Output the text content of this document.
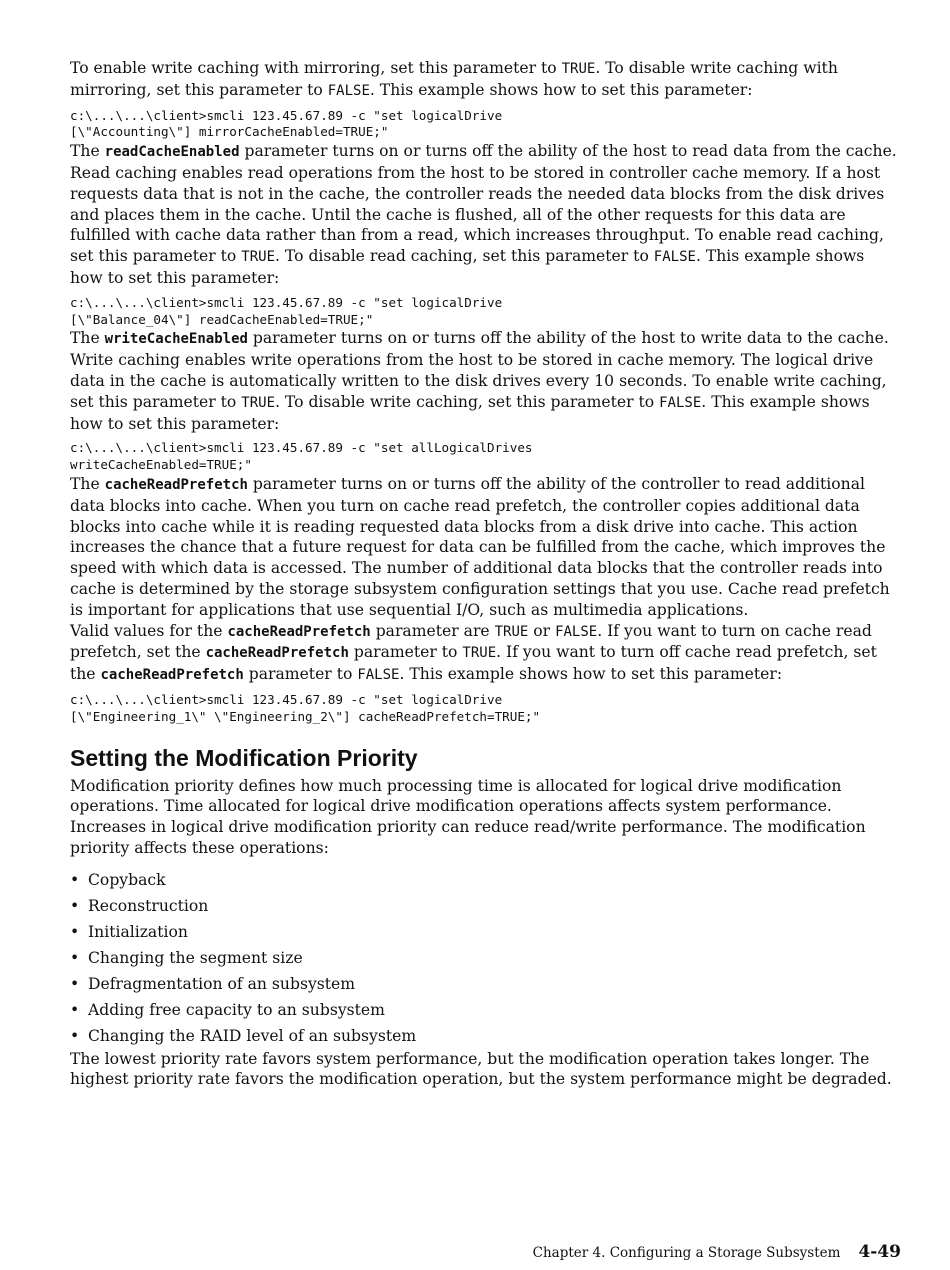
To enable write caching with mirroring, set this parameter to TRUE. To disable write caching with mirroring, set this parameter to FALSE. This example shows how to set this parameter:

c:\...\...\client>smcli 123.45.67.89 -c "set logicalDrive
[\"Accounting\"] mirrorCacheEnabled=TRUE;"

The readCacheEnabled parameter turns on or turns off the ability of the host to read data from the cache. Read caching enables read operations from the host to be stored in controller cache memory. If a host requests data that is not in the cache, the controller reads the needed data blocks from the disk drives and places them in the cache. Until the cache is flushed, all of the other requests for this data are fulfilled with cache data rather than from a read, which increases throughput. To enable read caching, set this parameter to TRUE. To disable read caching, set this parameter to FALSE. This example shows how to set this parameter:

c:\...\...\client>smcli 123.45.67.89 -c "set logicalDrive
[\"Balance_04\"] readCacheEnabled=TRUE;"

The writeCacheEnabled parameter turns on or turns off the ability of the host to write data to the cache. Write caching enables write operations from the host to be stored in cache memory. The logical drive data in the cache is automatically written to the disk drives every 10 seconds. To enable write caching, set this parameter to TRUE. To disable write caching, set this parameter to FALSE. This example shows how to set this parameter:

c:\...\...\client>smcli 123.45.67.89 -c "set allLogicalDrives
writeCacheEnabled=TRUE;"

The cacheReadPrefetch parameter turns on or turns off the ability of the controller to read additional data blocks into cache. When you turn on cache read prefetch, the controller copies additional data blocks into cache while it is reading requested data blocks from a disk drive into cache. This action increases the chance that a future request for data can be fulfilled from the cache, which improves the speed with which data is accessed. The number of additional data blocks that the controller reads into cache is determined by the storage subsystem configuration settings that you use. Cache read prefetch is important for applications that use sequential I/O, such as multimedia applications.

Valid values for the cacheReadPrefetch parameter are TRUE or FALSE. If you want to turn on cache read prefetch, set the cacheReadPrefetch parameter to TRUE. If you want to turn off cache read prefetch, set the cacheReadPrefetch parameter to FALSE. This example shows how to set this parameter:

c:\...\...\client>smcli 123.45.67.89 -c "set logicalDrive
[\"Engineering_1\" \"Engineering_2\"] cacheReadPrefetch=TRUE;"
Setting the Modification Priority

Modification priority defines how much processing time is allocated for logical drive modification operations. Time allocated for logical drive modification operations affects system performance. Increases in logical drive modification priority can reduce read/write performance. The modification priority affects these operations:

• Copyback
• Reconstruction
• Initialization
• Changing the segment size
• Defragmentation of an subsystem
• Adding free capacity to an subsystem
• Changing the RAID level of an subsystem

The lowest priority rate favors system performance, but the modification operation takes longer. The highest priority rate favors the modification operation, but the system performance might be degraded.

Chapter 4. Configuring a Storage Subsystem 4-49
